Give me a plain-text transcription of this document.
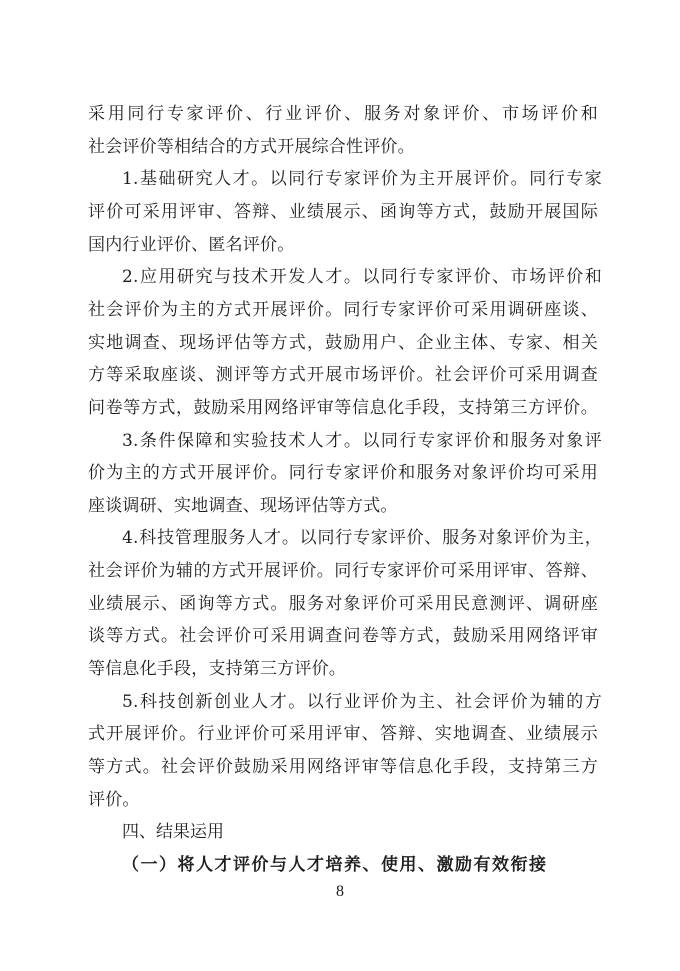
采用同行专家评价、行业评价、服务对象评价、市场评价和
社会评价等相结合的方式开展综合性评价。
1.基础研究人才。以同行专家评价为主开展评价。同行专家
评价可采用评审、答辩、业绩展示、函询等方式，鼓励开展国际
国内行业评价、匿名评价。
2.应用研究与技术开发人才。以同行专家评价、市场评价和
社会评价为主的方式开展评价。同行专家评价可采用调研座谈、
实地调查、现场评估等方式，鼓励用户、企业主体、专家、相关
方等采取座谈、测评等方式开展市场评价。社会评价可采用调查
问卷等方式，鼓励采用网络评审等信息化手段，支持第三方评价。
3.条件保障和实验技术人才。以同行专家评价和服务对象评
价为主的方式开展评价。同行专家评价和服务对象评价均可采用
座谈调研、实地调查、现场评估等方式。
4.科技管理服务人才。以同行专家评价、服务对象评价为主，
社会评价为辅的方式开展评价。同行专家评价可采用评审、答辩、
业绩展示、函询等方式。服务对象评价可采用民意测评、调研座
谈等方式。社会评价可采用调查问卷等方式，鼓励采用网络评审
等信息化手段，支持第三方评价。
5.科技创新创业人才。以行业评价为主、社会评价为辅的方
式开展评价。行业评价可采用评审、答辩、实地调查、业绩展示
等方式。社会评价鼓励采用网络评审等信息化手段，支持第三方
评价。
四、结果运用
（一）将人才评价与人才培养、使用、激励有效衔接
8
